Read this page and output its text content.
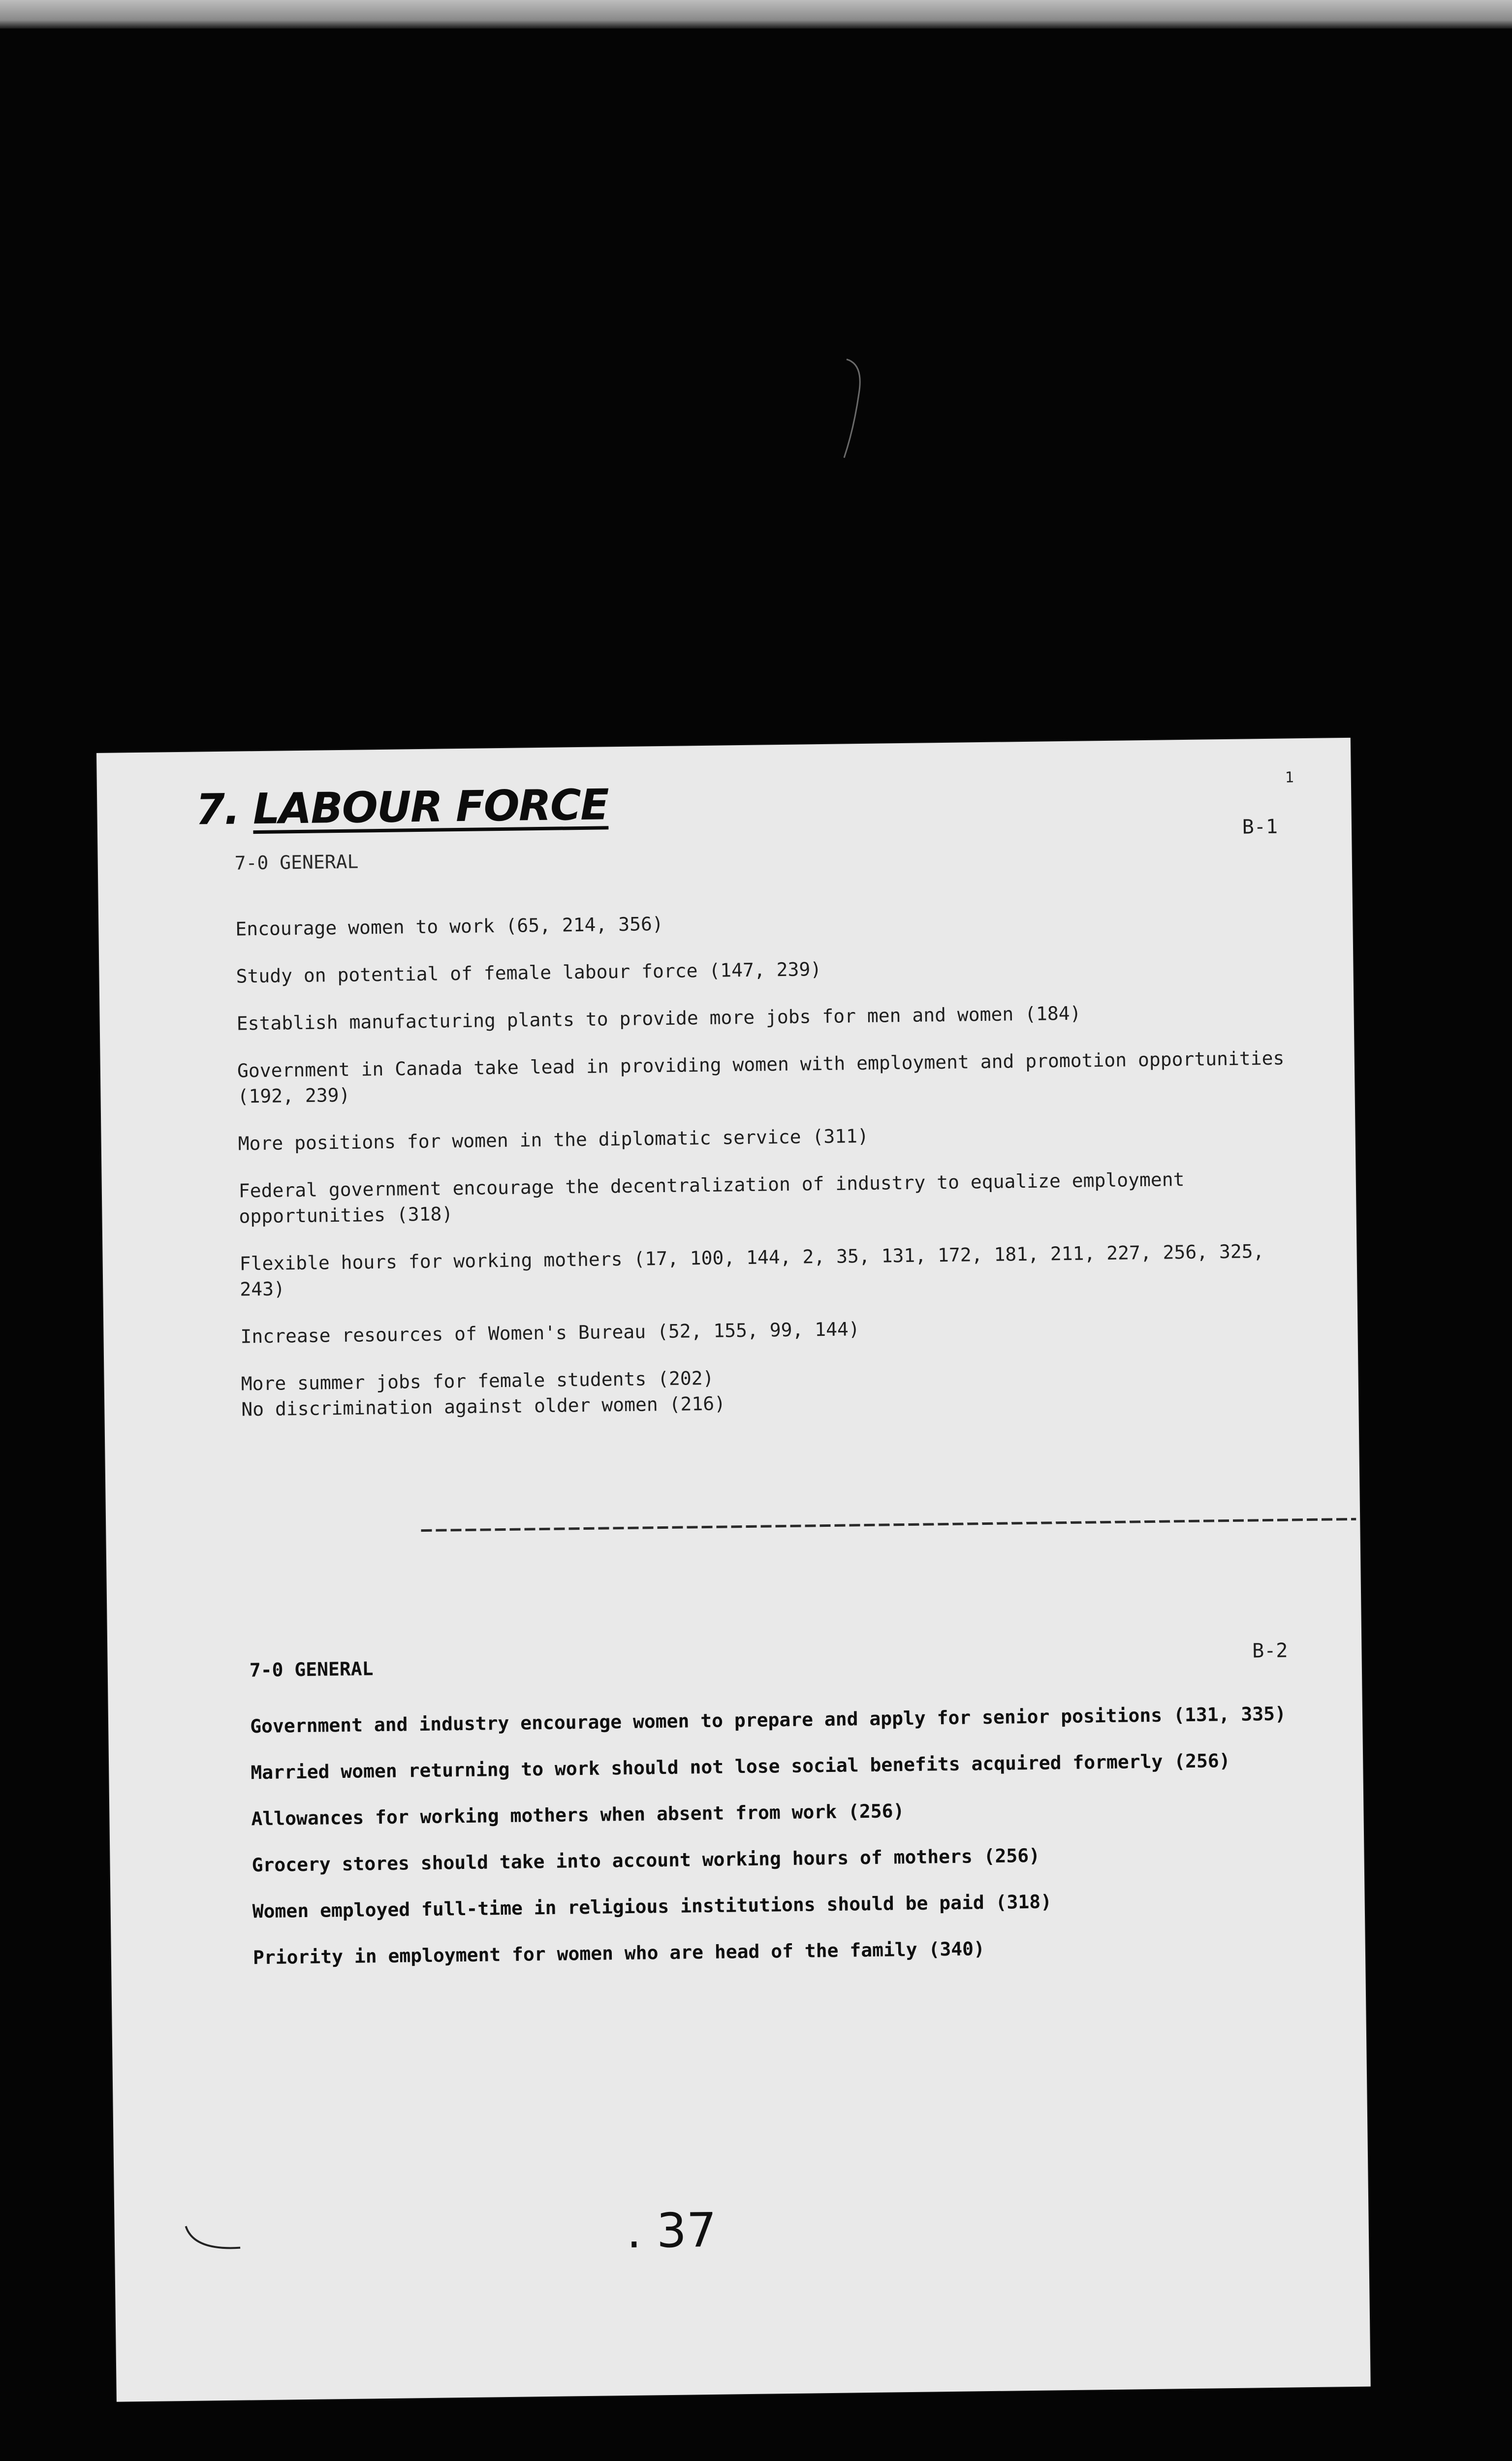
1
7. LABOUR FORCE	B-1
7-0 GENERAL
Encourage women to work (65, 214, 356)
Study on potential of female labour force (147, 239)
Establish manufacturing plants to provide more jobs for men and women (184)
Government in Canada take lead in providing women with employment and promotion opportunities (192, 239)
More positions for women in the diplomatic service (311)
Federal government encourage the decentralization of industry to equalize employment opportunities (318)
Flexible hours for working mothers (17, 100, 144, 2, 35, 131, 172, 181, 211, 227, 256, 325, 243)
Increase resources of Women's Bureau (52, 155, 99, 144)
More summer jobs for female students (202)
No discrimination against older women (216)
B-2
7-0 GENERAL
Government and industry encourage women to prepare and apply for senior positions (131, 335)
Married women returning to work should not lose social benefits acquired formerly (256)
Allowances for working mothers when absent from work (256)
Grocery stores should take into account working hours of mothers (256)
Women employed full-time in religious institutions should be paid (318)
Priority in employment for women who are head of the family (340)
. 37
